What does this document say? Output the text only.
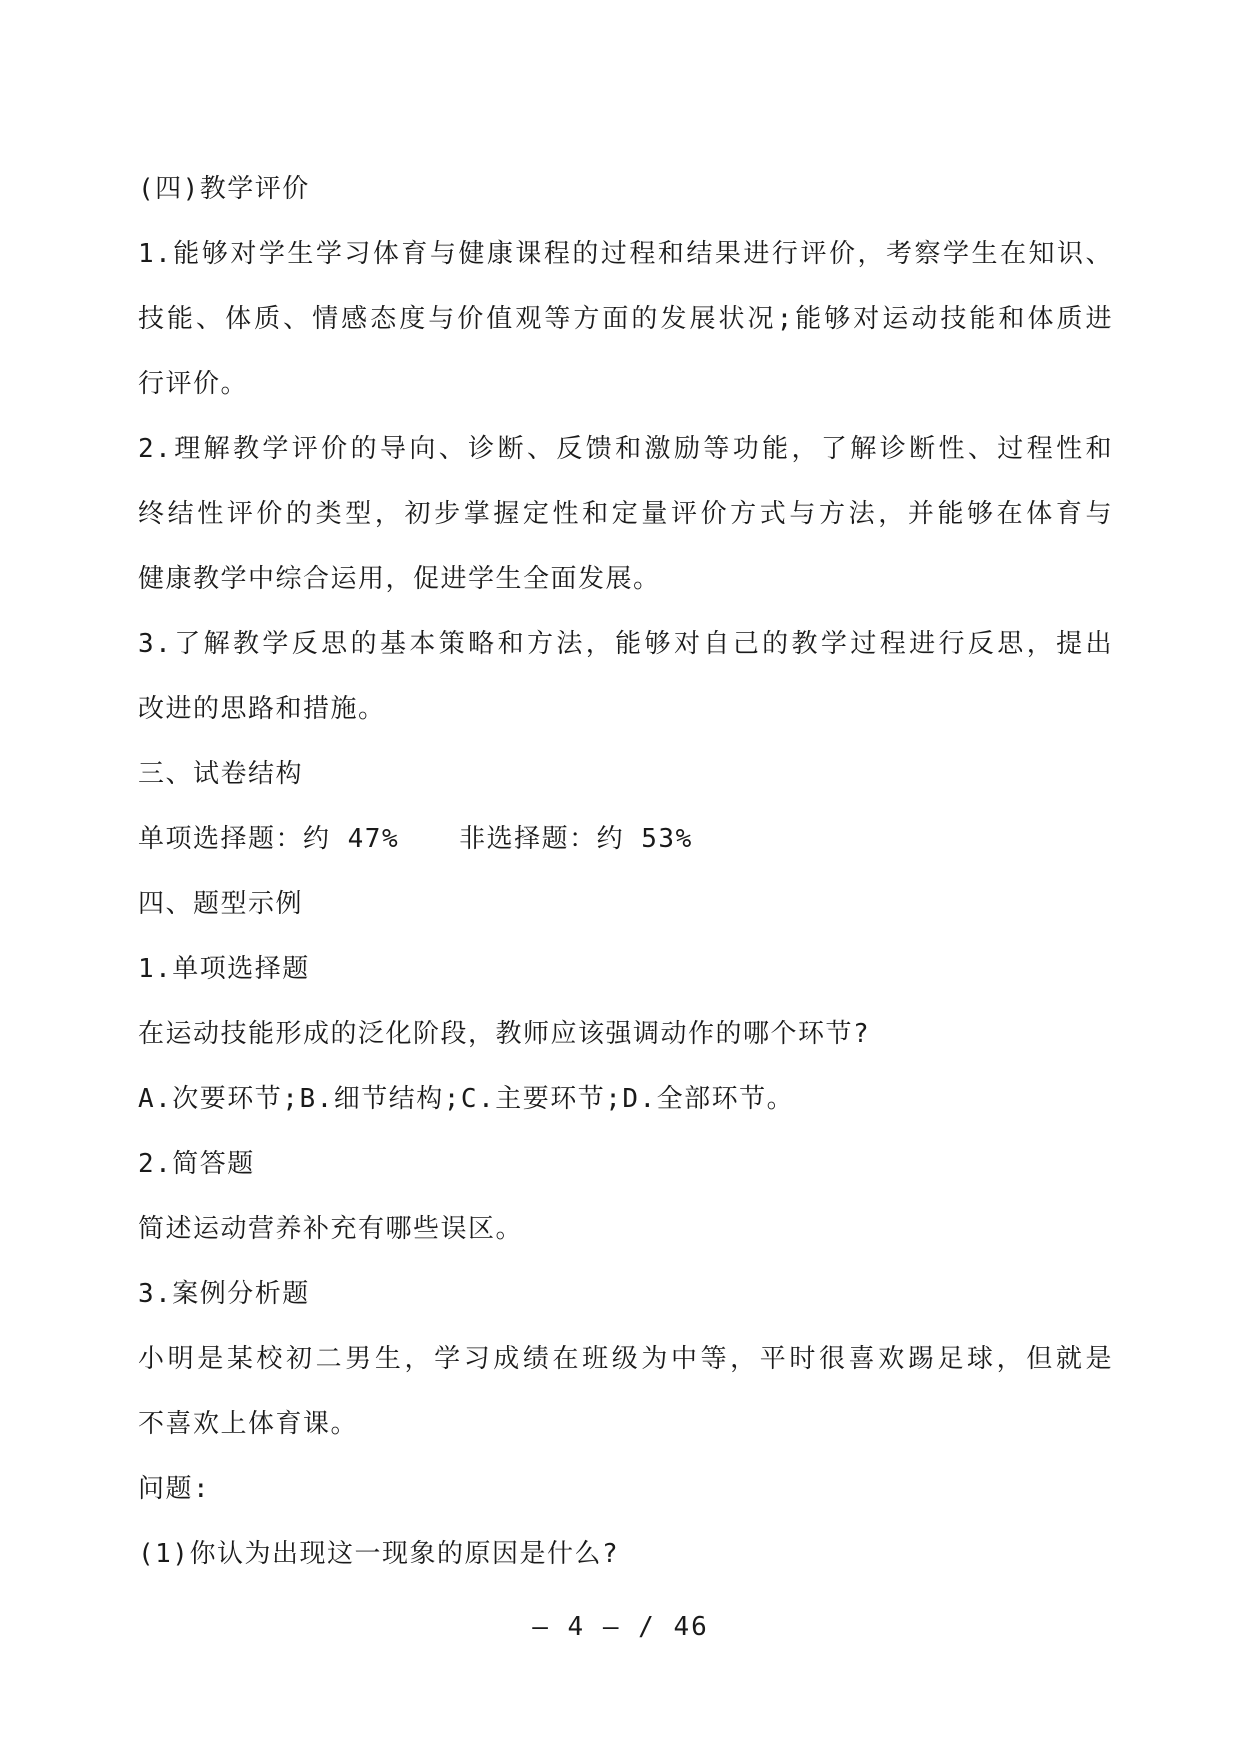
(四)教学评价
1.能够对学生学习体育与健康课程的过程和结果进行评价，考察学生在知识、
技能、体质、情感态度与价值观等方面的发展状况;能够对运动技能和体质进
行评价。
2.理解教学评价的导向、诊断、反馈和激励等功能，了解诊断性、过程性和
终结性评价的类型，初步掌握定性和定量评价方式与方法，并能够在体育与
健康教学中综合运用，促进学生全面发展。
3.了解教学反思的基本策略和方法，能够对自己的教学过程进行反思，提出
改进的思路和措施。
三、试卷结构
单项选择题：约 47% 非选择题：约 53%
四、题型示例
1.单项选择题
在运动技能形成的泛化阶段，教师应该强调动作的哪个环节?
A.次要环节;B.细节结构;C.主要环节;D.全部环节。
2.简答题
简述运动营养补充有哪些误区。
3.案例分析题
小明是某校初二男生，学习成绩在班级为中等，平时很喜欢踢足球，但就是
不喜欢上体育课。
问题:
(1)你认为出现这一现象的原因是什么?
– 4 – / 46
